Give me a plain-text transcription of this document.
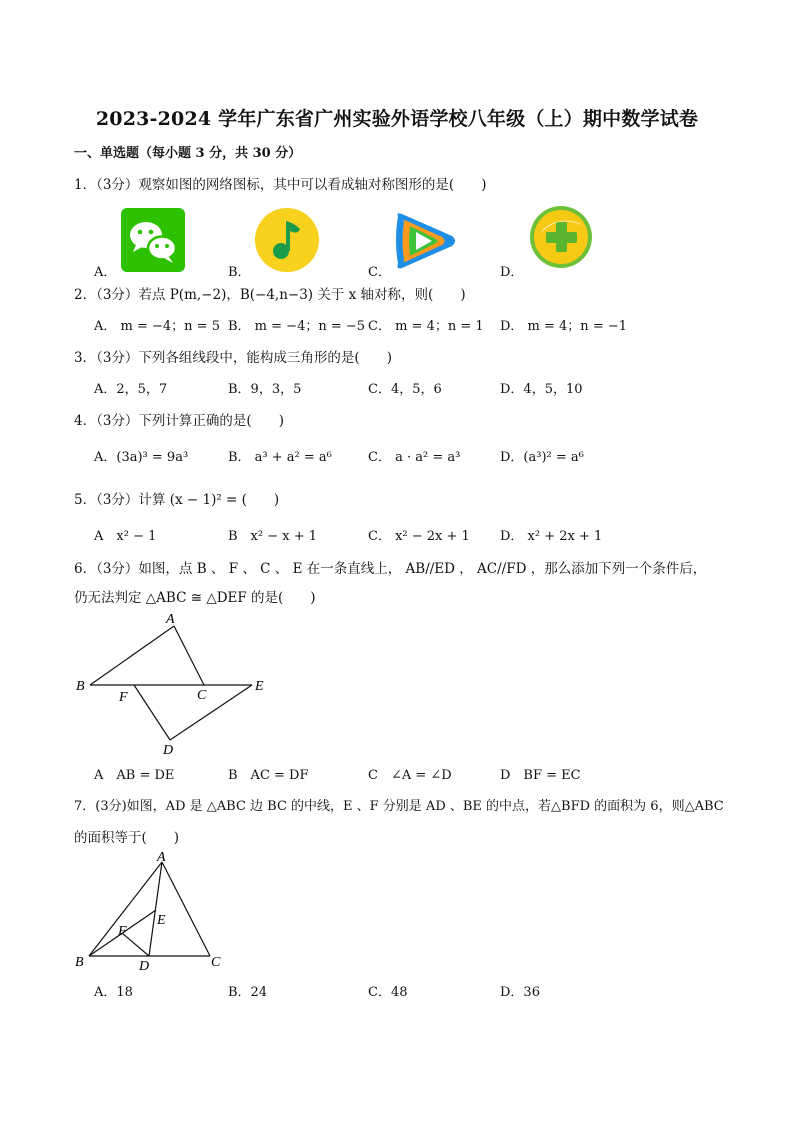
2023-2024 学年广东省广州实验外语学校八年级（上）期中数学试卷
一、单选题（每小题 3 分，共 30 分）
1．（3分）观察如图的网络图标，其中可以看成轴对称图形的是(　　)
A．	B．	C．	D．
2．（3分）若点 P(m,−2)，B(−4,n−3) 关于 x 轴对称，则(　　)
A． m = −4；n = 5 B． m = −4；n = −5 C． m = 4；n = 1 D． m = 4；n = −1
3．（3分）下列各组线段中，能构成三角形的是(　　)
A．2，5，7	B．9，3，5	C．4，5，6	D．4，5，10
4．（3分）下列计算正确的是(　　)
A．(3a)³ = 9a³	B． a³ + a² = a⁶	C． a · a² = a³	D．(a³)² = a⁶
5．（3分）计算 (x − 1)² = (　　)
A　x² − 1	B　x² − x + 1	C． x² − 2x + 1 D． x² + 2x + 1
6．（3分）如图，点 B 、 F 、 C 、 E 在一条直线上， AB//ED ， AC//FD ，那么添加下列一个条件后，
仍无法判定 △ABC ≅ △DEF 的是(　　)
A
B
F	C
E
D
A　AB = DE	B　AC = DF	C　∠A = ∠D	D　BF = EC
7．(3分)如图，AD 是 △ABC 边 BC 的中线，E 、F 分别是 AD 、BE 的中点，若△BFD 的面积为 6，则△ABC
的面积等于(　　)
A
E
F
B	D	C
A．18	B．24	C．48	D．36
